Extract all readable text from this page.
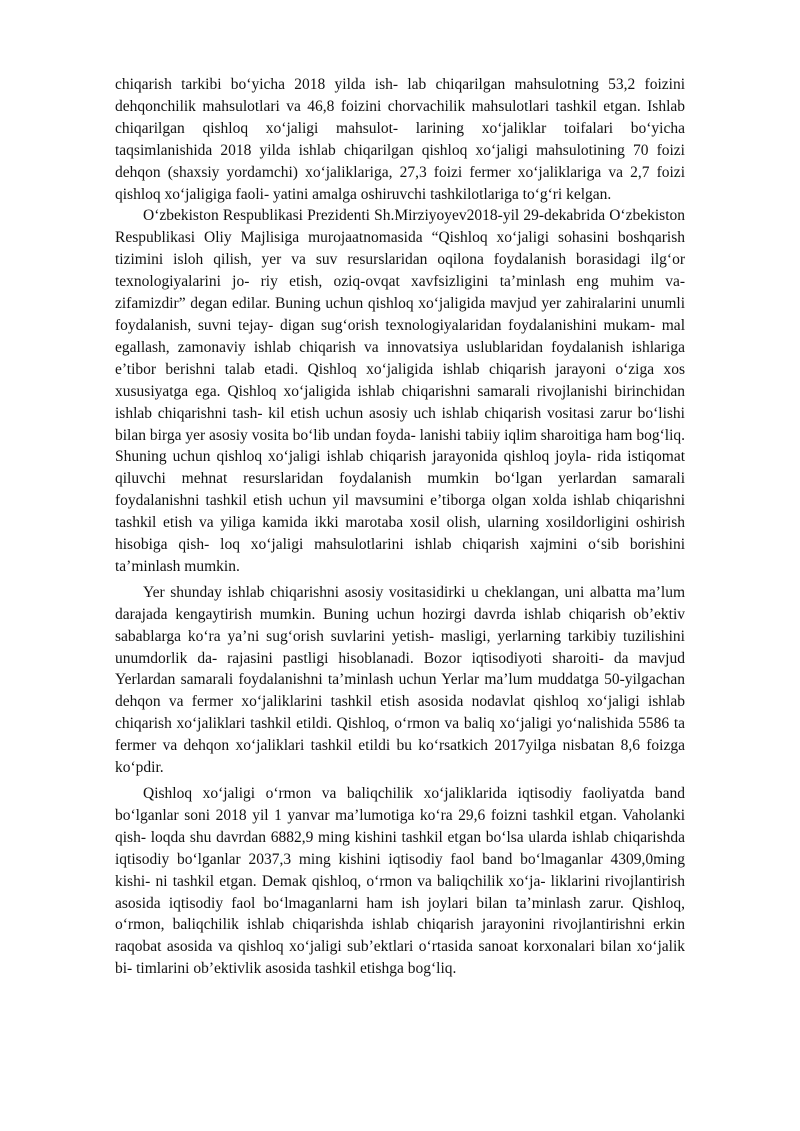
chiqarish tarkibi bo‘yicha 2018 yilda ish- lab chiqarilgan mahsulotning 53,2 foizini dehqonchilik mahsulotlari va 46,8 foizini chorvachilik mahsulotlari tashkil etgan. Ishlab chiqarilgan qishloq xo‘jaligi mahsulot- larining xo‘jaliklar toifalari bo‘yicha taqsimlanishida 2018 yilda ishlab chiqarilgan qishloq xo‘jaligi mahsulotining 70 foizi dehqon (shaxsiy yordamchi) xo‘jaliklariga, 27,3 foizi fermer xo‘jaliklariga va 2,7 foizi qishloq xo‘jaligiga faoli- yatini amalga oshiruvchi tashkilotlariga to‘g‘ri kelgan.

O‘zbekiston Respublikasi Prezidenti Sh.Mirziyoyev2018-yil 29-dekabrida O‘zbekiston Respublikasi Oliy Majlisiga murojaatnomasida “Qishloq xo‘jaligi sohasini boshqarish tizimini isloh qilish, yer va suv resurslaridan oqilona foydalanish borasidagi ilg‘or texnologiyalarini jo- riy etish, oziq-ovqat xavfsizligini ta’minlash eng muhim va- zifamizdir” degan edilar. Buning uchun qishloq xo‘jaligida mavjud yer zahiralarini unumli foydalanish, suvni tejay- digan sug‘orish texnologiyalaridan foydalanishini mukam- mal egallash, zamonaviy ishlab chiqarish va innovatsiya uslublaridan foydalanish ishlariga e’tibor berishni talab etadi. Qishloq xo‘jaligida ishlab chiqarish jarayoni o‘ziga xos xususiyatga ega. Qishloq xo‘jaligida ishlab chiqarishni samarali rivojlanishi birinchidan ishlab chiqarishni tash- kil etish uchun asosiy uch ishlab chiqarish vositasi zarur bo‘lishi bilan birga yer asosiy vosita bo‘lib undan foyda- lanishi tabiiy iqlim sharoitiga ham bog‘liq. Shuning uchun qishloq xo‘jaligi ishlab chiqarish jarayonida qishloq joyla- rida istiqomat qiluvchi mehnat resurslaridan foydalanish mumkin bo‘lgan yerlardan samarali foydalanishni tashkil etish uchun yil mavsumini e’tiborga olgan xolda ishlab chiqarishni tashkil etish va yiliga kamida ikki marotaba xosil olish, ularning xosildorligini oshirish hisobiga qish- loq xo‘jaligi mahsulotlarini ishlab chiqarish xajmini o‘sib borishini ta’minlash mumkin.

Yer shunday ishlab chiqarishni asosiy vositasidirki u cheklangan, uni albatta ma’lum darajada kengaytirish mumkin. Buning uchun hozirgi davrda ishlab chiqarish ob’ektiv sabablarga ko‘ra ya’ni sug‘orish suvlarini yetish- masligi, yerlarning tarkibiy tuzilishini unumdorlik da- rajasini pastligi hisoblanadi. Bozor iqtisodiyoti sharoiti- da mavjud Yerlardan samarali foydalanishni ta’minlash uchun Yerlar ma’lum muddatga 50-yilgachan dehqon va fermer xo‘jaliklarini tashkil etish asosida nodavlat qishloq xo‘jaligi ishlab chiqarish xo‘jaliklari tashkil etildi. Qishloq, o‘rmon va baliq xo‘jaligi yo‘nalishida 5586 ta fermer va dehqon xo‘jaliklari tashkil etildi bu ko‘rsatkich 2017yilga nisbatan 8,6 foizga ko‘pdir.

Qishloq xo‘jaligi o‘rmon va baliqchilik xo‘jaliklarida iqtisodiy faoliyatda band bo‘lganlar soni 2018 yil 1 yanvar ma’lumotiga ko‘ra 29,6 foizni tashkil etgan. Vaholanki qish- loqda shu davrdan 6882,9 ming kishini tashkil etgan bo‘lsa ularda ishlab chiqarishda iqtisodiy bo‘lganlar 2037,3 ming kishini iqtisodiy faol band bo‘lmaganlar 4309,0ming kishi- ni tashkil etgan. Demak qishloq, o‘rmon va baliqchilik xo‘ja- liklarini rivojlantirish asosida iqtisodiy faol bo‘lmaganlarni ham ish joylari bilan ta’minlash zarur. Qishloq, o‘rmon, baliqchilik ishlab chiqarishda ishlab chiqarish jarayonini rivojlantirishni erkin raqobat asosida va qishloq xo‘jaligi sub’ektlari o‘rtasida sanoat korxonalari bilan xo‘jalik bi- timlarini ob’ektivlik asosida tashkil etishga bog‘liq.
